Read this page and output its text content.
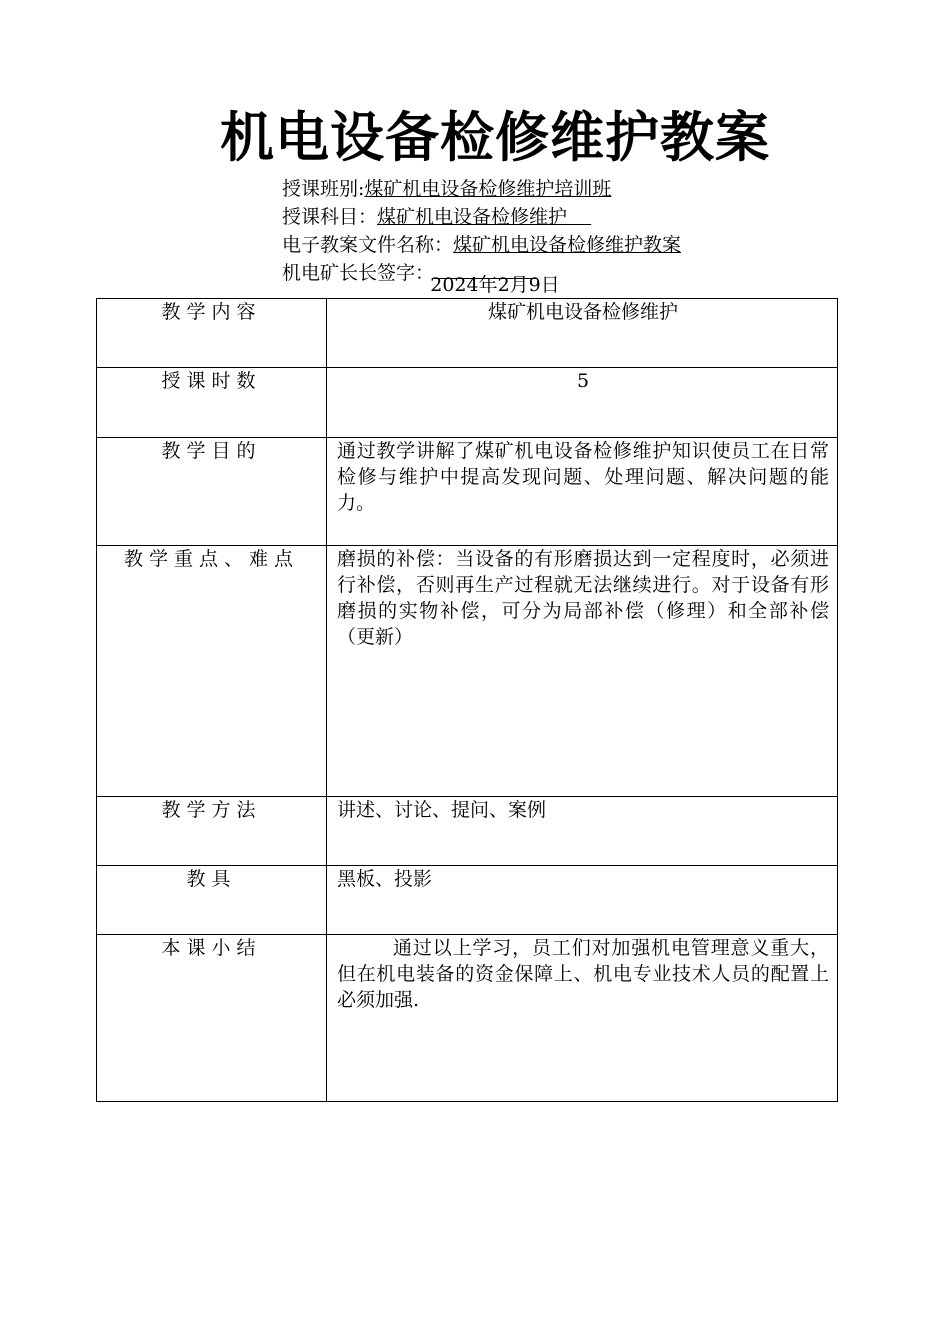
机电设备检修维护教案
授课班别:煤矿机电设备检修维护培训班
授课科目：煤矿机电设备检修维护
电子教案文件名称：煤矿机电设备检修维护教案
机电矿长长签字：
2024年2月9日
教学内容	煤矿机电设备检修维护
授课时数	5
教学目的	通过教学讲解了煤矿机电设备检修维护知识使员工在日常检修与维护中提高发现问题、处理问题、解决问题的能力。
教学重点、难点	磨损的补偿：当设备的有形磨损达到一定程度时，必须进行补偿，否则再生产过程就无法继续进行。对于设备有形磨损的实物补偿，可分为局部补偿（修理）和全部补偿（更新）
教学方法	讲述、讨论、提问、案例
教具	黑板、投影
本课小结	通过以上学习，员工们对加强机电管理意义重大，但在机电装备的资金保障上、机电专业技术人员的配置上必须加强.
